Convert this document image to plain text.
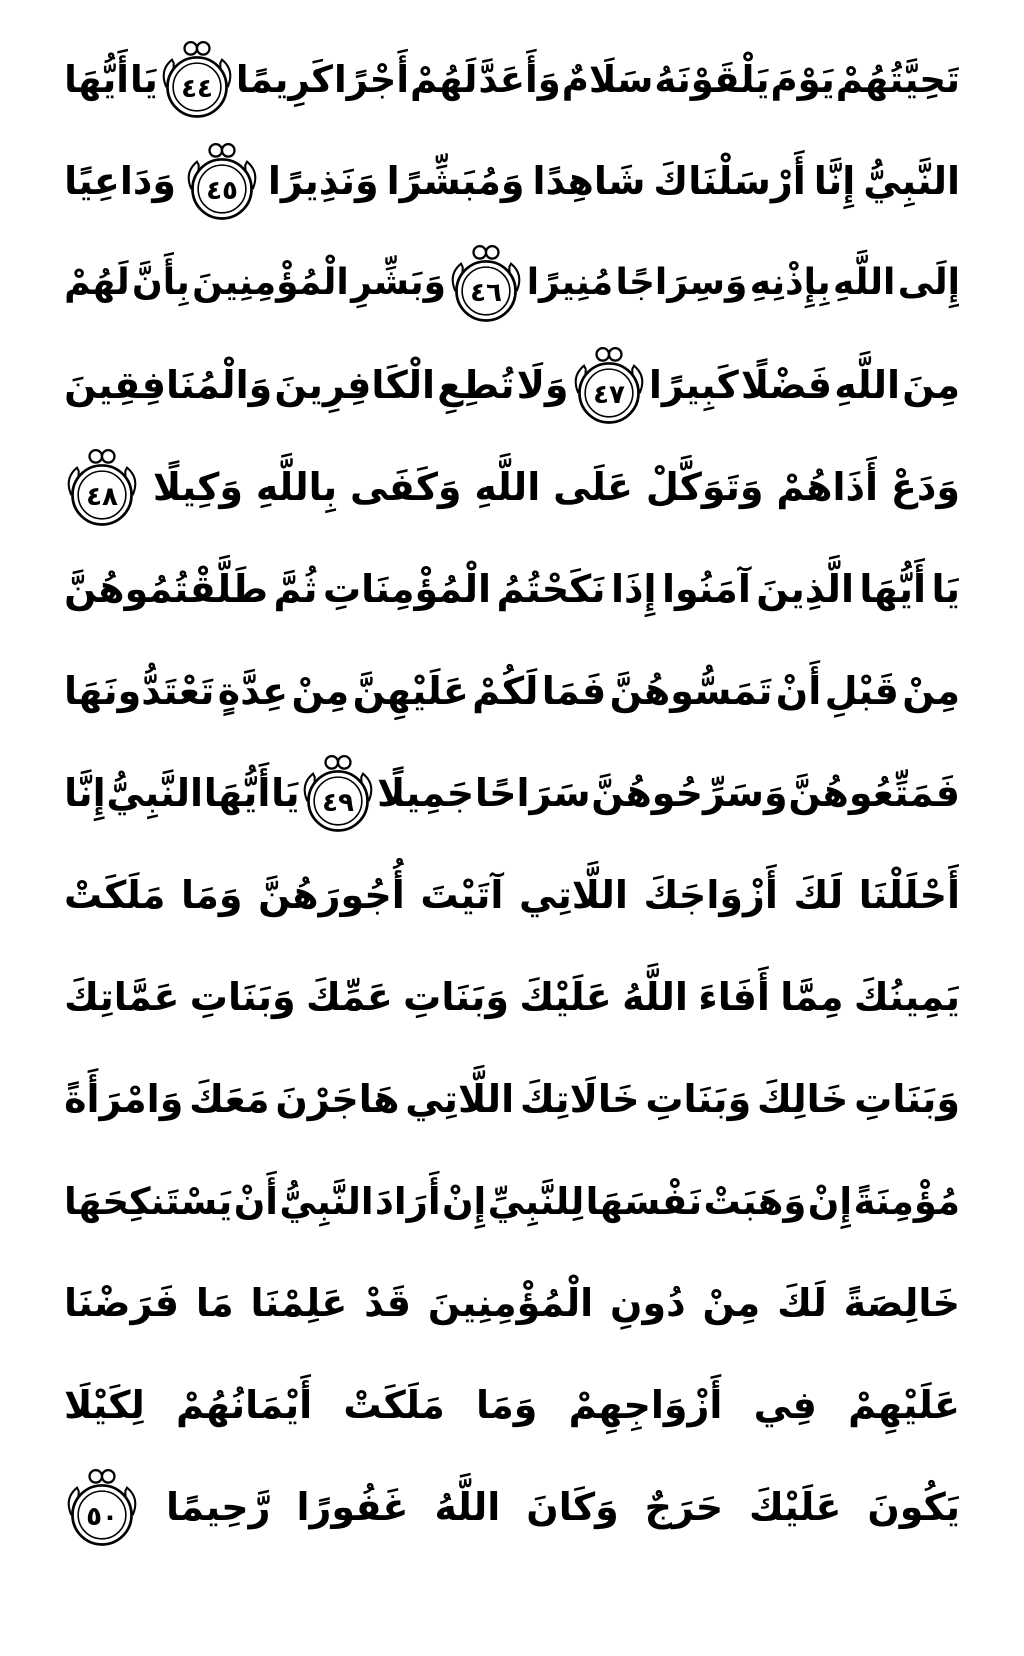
تَحِيَّتُهُمْ
يَوْمَ
يَلْقَوْنَهُ
سَلَامٌ
وَأَعَدَّ
لَهُمْ
أَجْرًا
كَرِيمًا
٤٤
يَا
أَيُّهَا
النَّبِيُّ
إِنَّا
أَرْسَلْنَاكَ
شَاهِدًا
وَمُبَشِّرًا
وَنَذِيرًا
٤٥
وَدَاعِيًا
إِلَى
اللَّهِ
بِإِذْنِهِ
وَسِرَاجًا
مُنِيرًا
٤٦
وَبَشِّرِ
الْمُؤْمِنِينَ
بِأَنَّ
لَهُمْ
مِنَ
اللَّهِ
فَضْلًا
كَبِيرًا
٤٧
وَلَا
تُطِعِ
الْكَافِرِينَ
وَالْمُنَافِقِينَ
وَدَعْ
أَذَاهُمْ
وَتَوَكَّلْ
عَلَى
اللَّهِ
وَكَفَى
بِاللَّهِ
وَكِيلًا
٤٨
يَا
أَيُّهَا
الَّذِينَ
آمَنُوا
إِذَا
نَكَحْتُمُ
الْمُؤْمِنَاتِ
ثُمَّ
طَلَّقْتُمُوهُنَّ
مِنْ
قَبْلِ
أَنْ
تَمَسُّوهُنَّ
فَمَا
لَكُمْ
عَلَيْهِنَّ
مِنْ
عِدَّةٍ
تَعْتَدُّونَهَا
فَمَتِّعُوهُنَّ
وَسَرِّحُوهُنَّ
سَرَاحًا
جَمِيلًا
٤٩
يَا
أَيُّهَا
النَّبِيُّ
إِنَّا
أَحْلَلْنَا
لَكَ
أَزْوَاجَكَ
اللَّاتِي
آتَيْتَ
أُجُورَهُنَّ
وَمَا
مَلَكَتْ
يَمِينُكَ
مِمَّا
أَفَاءَ
اللَّهُ
عَلَيْكَ
وَبَنَاتِ
عَمِّكَ
وَبَنَاتِ
عَمَّاتِكَ
وَبَنَاتِ
خَالِكَ
وَبَنَاتِ
خَالَاتِكَ
اللَّاتِي
هَاجَرْنَ
مَعَكَ
وَامْرَأَةً
مُؤْمِنَةً
إِنْ
وَهَبَتْ
نَفْسَهَا
لِلنَّبِيِّ
إِنْ
أَرَادَ
النَّبِيُّ
أَنْ
يَسْتَنكِحَهَا
خَالِصَةً
لَكَ
مِنْ
دُونِ
الْمُؤْمِنِينَ
قَدْ
عَلِمْنَا
مَا
فَرَضْنَا
عَلَيْهِمْ
فِي
أَزْوَاجِهِمْ
وَمَا
مَلَكَتْ
أَيْمَانُهُمْ
لِكَيْلَا
يَكُونَ
عَلَيْكَ
حَرَجٌ
وَكَانَ
اللَّهُ
غَفُورًا
رَّحِيمًا
٥٠
